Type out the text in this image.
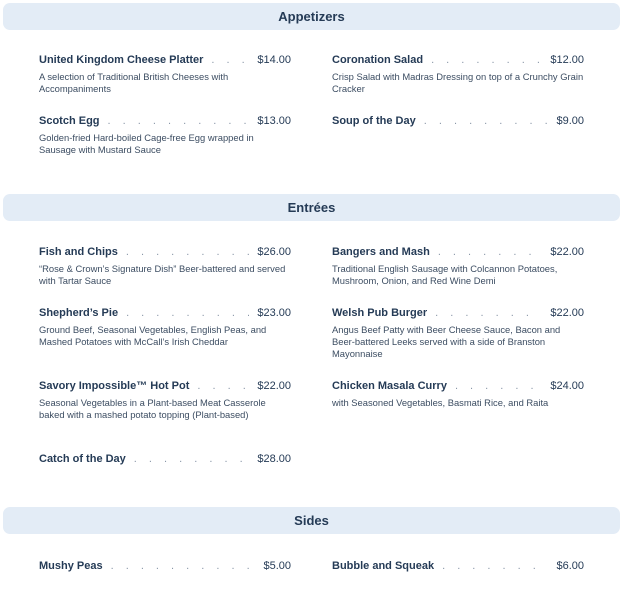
Appetizers
United Kingdom Cheese Platter . . .	$14.00
A selection of Traditional British Cheeses with Accompaniments
Coronation Salad . . .	$12.00
Crisp Salad with Madras Dressing on top of a Crunchy Grain Cracker
Scotch Egg . . .	$13.00
Golden-fried Hard-boiled Cage-free Egg wrapped in Sausage with Mustard Sauce
Soup of the Day . . .	$9.00
Entrées
Fish and Chips . . .	$26.00
“Rose & Crown’s Signature Dish” Beer-battered and served with Tartar Sauce
Bangers and Mash . . .	$22.00
Traditional English Sausage with Colcannon Potatoes, Mushroom, Onion, and Red Wine Demi
Shepherd’s Pie . . .	$23.00
Ground Beef, Seasonal Vegetables, English Peas, and Mashed Potatoes with McCall’s Irish Cheddar
Welsh Pub Burger . . .	$22.00
Angus Beef Patty with Beer Cheese Sauce, Bacon and Beer-battered Leeks served with a side of Branston Mayonnaise
Savory Impossible™ Hot Pot . . .	$22.00
Seasonal Vegetables in a Plant-based Meat Casserole baked with a mashed potato topping (Plant-based)
Chicken Masala Curry . . .	$24.00
with Seasoned Vegetables, Basmati Rice, and Raita
Catch of the Day . . .	$28.00
Sides
Mushy Peas . . .	$5.00	Bubble and Squeak . . .	$6.00
